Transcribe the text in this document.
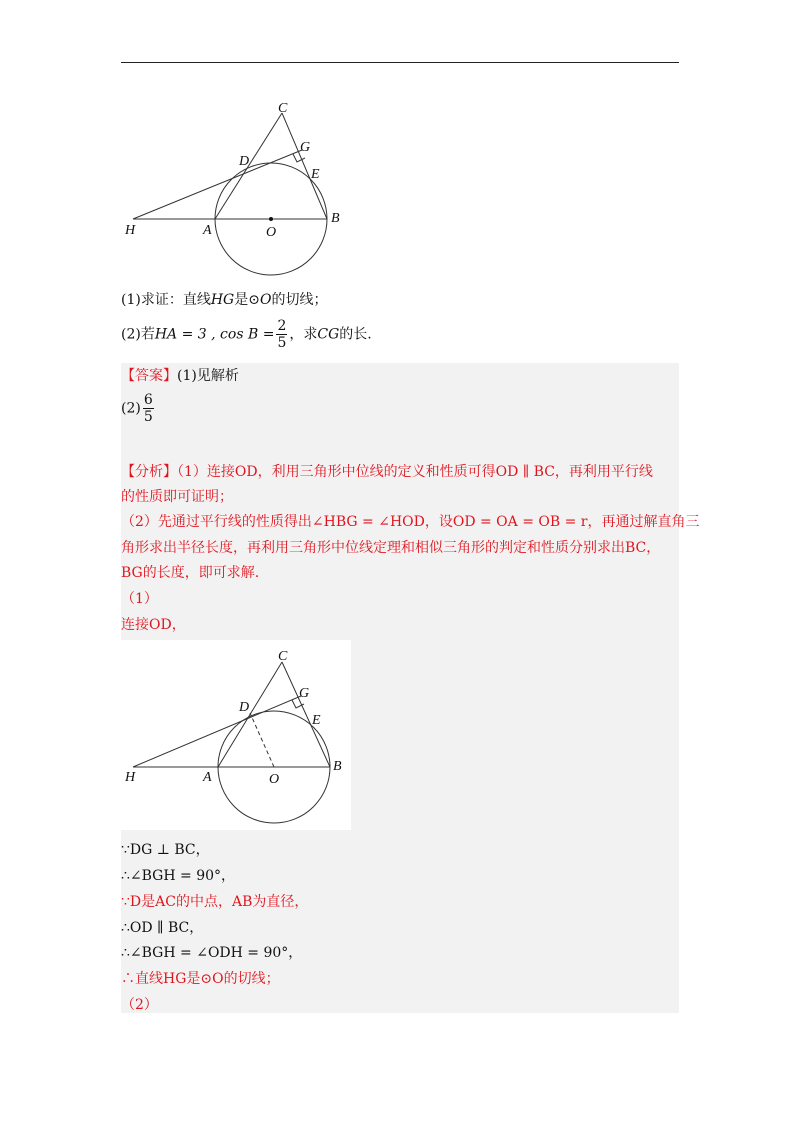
C
G
D
E
H	A	O
B
(1)求证：直线HG是⊙O的切线；
(2)若HA = 3 , $\cos B = \frac{2}{5}$ ，求CG的长.
【答案】(1)见解析
$(2) \frac{6}{5}$
【分析】（1）连接OD，利用三角形中位线的定义和性质可得OD ∥ BC，再利用平行线
的性质即可证明；
（2）先通过平行线的性质得出∠HBG = ∠HOD，设OD = OA = OB = r，再通过解直角三
角形求出半径长度，再利用三角形中位线定理和相似三角形的判定和性质分别求出BC，
BG的长度，即可求解.
（1）
连接OD，
C
G
D
E
H	A	O
B
∵DG ⊥ BC，
∴∠BGH = 90°，
∵D是AC的中点，AB为直径，
∴OD ∥ BC，
∴∠BGH = ∠ODH = 90°，
∴直线HG是⊙O的切线；
（2）
